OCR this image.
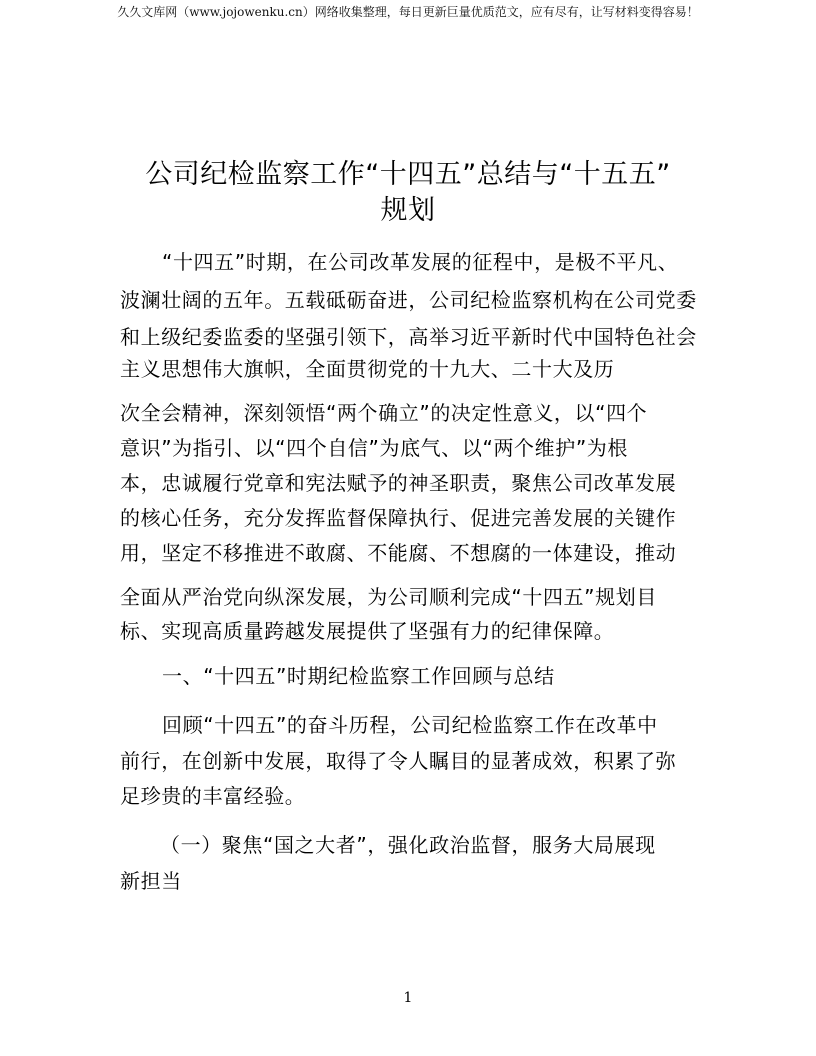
久久文库网（www.jojowenku.cn）网络收集整理，每日更新巨量优质范文，应有尽有，让写材料变得容易！
公司纪检监察工作“十四五”总结与“十五五”
规划
“十四五”时期，在公司改革发展的征程中，是极不平凡、
波澜壮阔的五年。五载砥砺奋进，公司纪检监察机构在公司党委
和上级纪委监委的坚强引领下，高举习近平新时代中国特色社会
主义思想伟大旗帜，全面贯彻党的十九大、二十大及历
次全会精神，深刻领悟“两个确立”的决定性意义，以“四个
意识”为指引、以“四个自信”为底气、以“两个维护”为根
本，忠诚履行党章和宪法赋予的神圣职责，聚焦公司改革发展
的核心任务，充分发挥监督保障执行、促进完善发展的关键作
用，坚定不移推进不敢腐、不能腐、不想腐的一体建设，推动
全面从严治党向纵深发展，为公司顺利完成“十四五”规划目
标、实现高质量跨越发展提供了坚强有力的纪律保障。
一、“十四五”时期纪检监察工作回顾与总结
回顾“十四五”的奋斗历程，公司纪检监察工作在改革中
前行，在创新中发展，取得了令人瞩目的显著成效，积累了弥
足珍贵的丰富经验。
（一）聚焦“国之大者”，强化政治监督，服务大局展现
新担当
1
